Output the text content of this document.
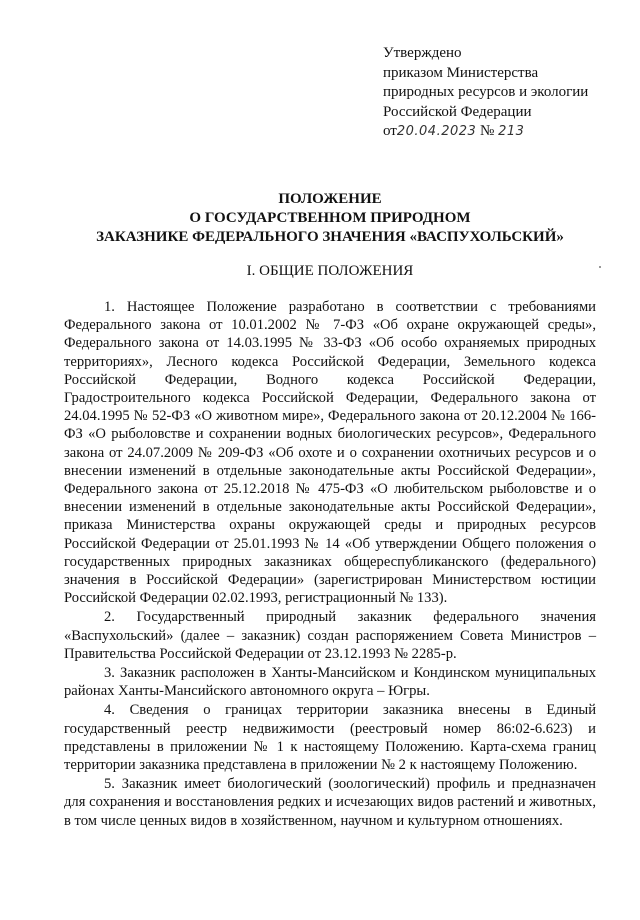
Утверждено
приказом Министерства
природных ресурсов и экологии
Российской Федерации
от20.04.2023 № 213
ПОЛОЖЕНИЕ
О ГОСУДАРСТВЕННОМ ПРИРОДНОМ
ЗАКАЗНИКЕ ФЕДЕРАЛЬНОГО ЗНАЧЕНИЯ «ВАСПУХОЛЬСКИЙ»
I. ОБЩИЕ ПОЛОЖЕНИЯ

1. Настоящее Положение разработано в соответствии с требованиями Федерального закона от 10.01.2002 № 7-ФЗ «Об охране окружающей среды», Федерального закона от 14.03.1995 № 33-ФЗ «Об особо охраняемых природных территориях», Лесного кодекса Российской Федерации, Земельного кодекса Российской Федерации, Водного кодекса Российской Федерации, Градостроительного кодекса Российской Федерации, Федерального закона от 24.04.1995 № 52-ФЗ «О животном мире», Федерального закона от 20.12.2004 № 166-ФЗ «О рыболовстве и сохранении водных биологических ресурсов», Федерального закона от 24.07.2009 № 209-ФЗ «Об охоте и о сохранении охотничьих ресурсов и о внесении изменений в отдельные законодательные акты Российской Федерации», Федерального закона от 25.12.2018 № 475-ФЗ «О любительском рыболовстве и о внесении изменений в отдельные законодательные акты Российской Федерации», приказа Министерства охраны окружающей среды и природных ресурсов Российской Федерации от 25.01.1993 № 14 «Об утверждении Общего положения о государственных природных заказниках общереспубликанского (федерального) значения в Российской Федерации» (зарегистрирован Министерством юстиции Российской Федерации 02.02.1993, регистрационный № 133).

2. Государственный природный заказник федерального значения «Васпухольский» (далее – заказник) создан распоряжением Совета Министров – Правительства Российской Федерации от 23.12.1993 № 2285-р.

3. Заказник расположен в Ханты-Мансийском и Кондинском муниципальных районах Ханты-Мансийского автономного округа – Югры.

4. Сведения о границах территории заказника внесены в Единый государственный реестр недвижимости (реестровый номер 86:02-6.623) и представлены в приложении № 1 к настоящему Положению. Карта-схема границ территории заказника представлена в приложении № 2 к настоящему Положению.

5. Заказник имеет биологический (зоологический) профиль и предназначен для сохранения и восстановления редких и исчезающих видов растений и животных, в том числе ценных видов в хозяйственном, научном и культурном отношениях.
